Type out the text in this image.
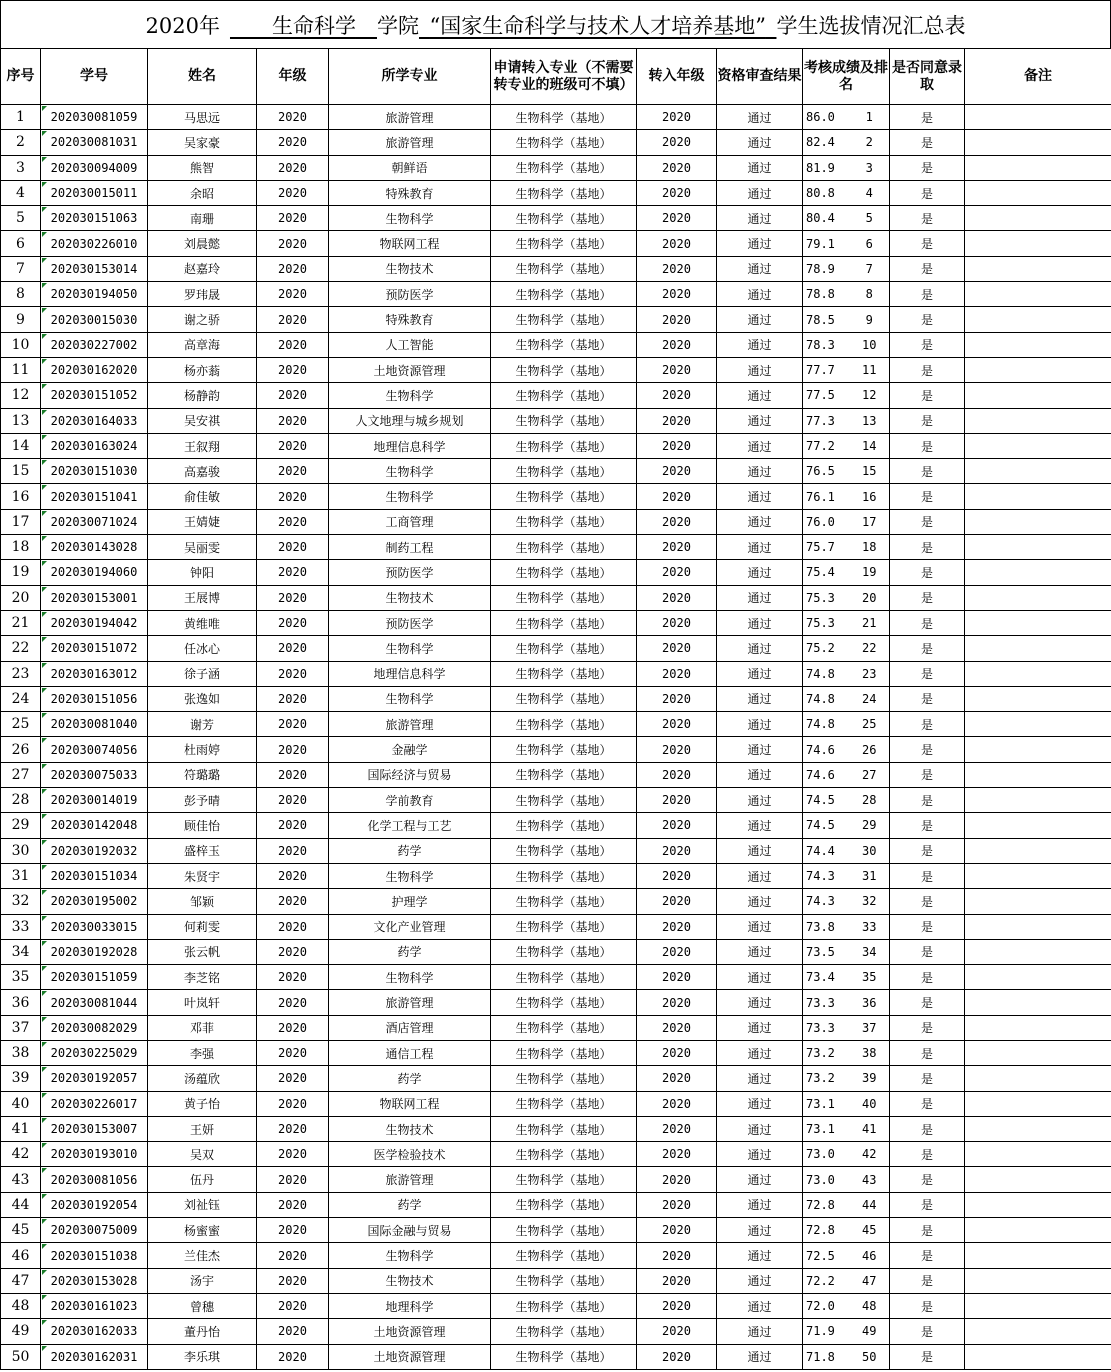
2020年
  	生命科学 	学院
  “国家生命科学与技术人才培养基地”  学生选拔情况汇总表
序号	学号	姓名	年级	所学专业	申请转入专业（不需要转专业的班级可不填）	转入年级	资格审查结果	考核成绩及排名		是否同意录取	备注
1	202030081059	马思远	2020	旅游管理	生物科学（基地）	2020	通过	86.0	1	是	
2	202030081031	吴家豪	2020	旅游管理	生物科学（基地）	2020	通过	82.4	2	是	
3	202030094009	熊智	2020	朝鲜语	生物科学（基地）	2020	通过	81.9	3	是	
4	202030015011	余昭	2020	特殊教育	生物科学（基地）	2020	通过	80.8	4	是	
5	202030151063	南珊	2020	生物科学	生物科学（基地）	2020	通过	80.4	5	是	
6	202030226010	刘晨懿	2020	物联网工程	生物科学（基地）	2020	通过	79.1	6	是	
7	202030153014	赵嘉玲	2020	生物技术	生物科学（基地）	2020	通过	78.9	7	是	
8	202030194050	罗玮晟	2020	预防医学	生物科学（基地）	2020	通过	78.8	8	是	
9	202030015030	谢之骄	2020	特殊教育	生物科学（基地）	2020	通过	78.5	9	是	
10	202030227002	高章海	2020	人工智能	生物科学（基地）	2020	通过	78.3	10	是	
11	202030162020	杨亦蓊	2020	土地资源管理	生物科学（基地）	2020	通过	77.7	11	是	
12	202030151052	杨静韵	2020	生物科学	生物科学（基地）	2020	通过	77.5	12	是	
13	202030164033	吴安祺	2020	人文地理与城乡规划	生物科学（基地）	2020	通过	77.3	13	是	
14	202030163024	王叙翔	2020	地理信息科学	生物科学（基地）	2020	通过	77.2	14	是	
15	202030151030	高嘉骏	2020	生物科学	生物科学（基地）	2020	通过	76.5	15	是	
16	202030151041	俞佳敏	2020	生物科学	生物科学（基地）	2020	通过	76.1	16	是	
17	202030071024	王婧婕	2020	工商管理	生物科学（基地）	2020	通过	76.0	17	是	
18	202030143028	吴丽雯	2020	制药工程	生物科学（基地）	2020	通过	75.7	18	是	
19	202030194060	钟阳	2020	预防医学	生物科学（基地）	2020	通过	75.4	19	是	
20	202030153001	王展博	2020	生物技术	生物科学（基地）	2020	通过	75.3	20	是	
21	202030194042	黄维唯	2020	预防医学	生物科学（基地）	2020	通过	75.3	21	是	
22	202030151072	任冰心	2020	生物科学	生物科学（基地）	2020	通过	75.2	22	是	
23	202030163012	徐子涵	2020	地理信息科学	生物科学（基地）	2020	通过	74.8	23	是	
24	202030151056	张逸如	2020	生物科学	生物科学（基地）	2020	通过	74.8	24	是	
25	202030081040	谢芳	2020	旅游管理	生物科学（基地）	2020	通过	74.8	25	是	
26	202030074056	杜雨婷	2020	金融学	生物科学（基地）	2020	通过	74.6	26	是	
27	202030075033	符璐璐	2020	国际经济与贸易	生物科学（基地）	2020	通过	74.6	27	是	
28	202030014019	彭予晴	2020	学前教育	生物科学（基地）	2020	通过	74.5	28	是	
29	202030142048	顾佳怡	2020	化学工程与工艺	生物科学（基地）	2020	通过	74.5	29	是	
30	202030192032	盛梓玉	2020	药学	生物科学（基地）	2020	通过	74.4	30	是	
31	202030151034	朱贤宇	2020	生物科学	生物科学（基地）	2020	通过	74.3	31	是	
32	202030195002	邹颖	2020	护理学	生物科学（基地）	2020	通过	74.3	32	是	
33	202030033015	何莉雯	2020	文化产业管理	生物科学（基地）	2020	通过	73.8	33	是	
34	202030192028	张云帆	2020	药学	生物科学（基地）	2020	通过	73.5	34	是	
35	202030151059	李芝铭	2020	生物科学	生物科学（基地）	2020	通过	73.4	35	是	
36	202030081044	叶岚轩	2020	旅游管理	生物科学（基地）	2020	通过	73.3	36	是	
37	202030082029	邓菲	2020	酒店管理	生物科学（基地）	2020	通过	73.3	37	是	
38	202030225029	李强	2020	通信工程	生物科学（基地）	2020	通过	73.2	38	是	
39	202030192057	汤蕴欣	2020	药学	生物科学（基地）	2020	通过	73.2	39	是	
40	202030226017	黄子怡	2020	物联网工程	生物科学（基地）	2020	通过	73.1	40	是	
41	202030153007	王妍	2020	生物技术	生物科学（基地）	2020	通过	73.1	41	是	
42	202030193010	吴双	2020	医学检验技术	生物科学（基地）	2020	通过	73.0	42	是	
43	202030081056	伍丹	2020	旅游管理	生物科学（基地）	2020	通过	73.0	43	是	
44	202030192054	刘祉钰	2020	药学	生物科学（基地）	2020	通过	72.8	44	是	
45	202030075009	杨蜜蜜	2020	国际金融与贸易	生物科学（基地）	2020	通过	72.8	45	是	
46	202030151038	兰佳杰	2020	生物科学	生物科学（基地）	2020	通过	72.5	46	是	
47	202030153028	汤宇	2020	生物技术	生物科学（基地）	2020	通过	72.2	47	是	
48	202030161023	曾穗	2020	地理科学	生物科学（基地）	2020	通过	72.0	48	是	
49	202030162033	董丹怡	2020	土地资源管理	生物科学（基地）	2020	通过	71.9	49	是	
50	202030162031	李乐琪	2020	土地资源管理	生物科学（基地）	2020	通过	71.8	50	是	
